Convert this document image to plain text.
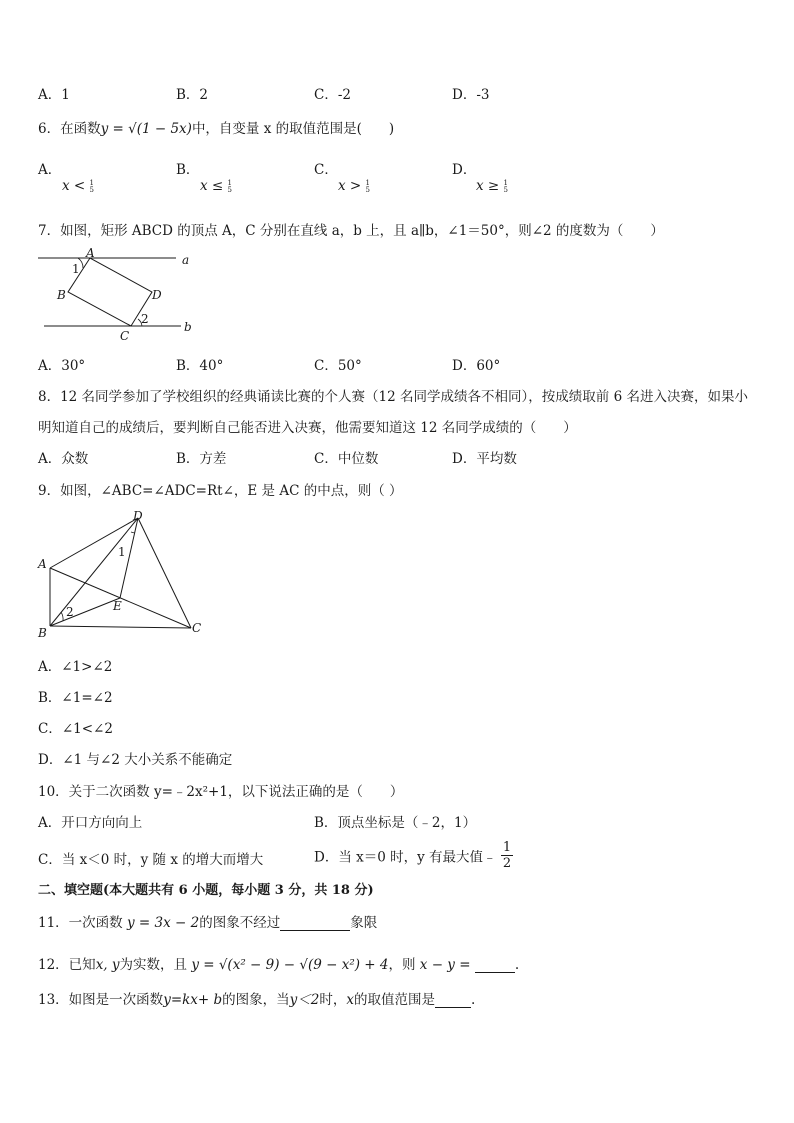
A．1	B．2	C．-2	D．-3
6．在函数y = √(1 − 5x)中，自变量 x 的取值范围是(　　)
A．
x < 1
5
B．
x ≤ 1
5
C．
x > 1
5
D．
x ≥ 1
5
7．如图，矩形 ABCD 的顶点 A，C 分别在直线 a，b 上，且 a∥b，∠1＝50°，则∠2 的度数为（　　）
A
B
C
D
a
b
1
2
A．30°	B．40°	C．50°	D．60°
8．12 名同学参加了学校组织的经典诵读比赛的个人赛（12 名同学成绩各不相同），按成绩取前 6 名进入决赛，如果小
明知道自己的成绩后，要判断自己能否进入决赛，他需要知道这 12 名同学成绩的（　　）
A．众数	B．方差	C．中位数	D．平均数
9．如图，∠ABC=∠ADC=Rt∠，E 是 AC 的中点，则（ ）
A
B	C
D
E
1
2
A．∠1>∠2
B．∠1=∠2
C．∠1<∠2
D．∠1 与∠2 大小关系不能确定
10．关于二次函数 y=﹣2x²+1，以下说法正确的是（　　）
A．开口方向向上	B．顶点坐标是（﹣2，1）
C．当 x＜0 时，y 随 x 的增大而增大	D．当 x＝0 时，y 有最大值﹣ $\frac{1}{2}$
二、填空题(本大题共有 6 小题，每小题 3 分，共 18 分)
11．一次函数 y = 3x − 2的图象不经过	象限
12．已知x, y为实数，且 y = √(x² − 9) − √(9 − x²) + 4，则 x − y =	.
13．如图是一次函数y=kx+ b的图象，当y＜2时，x的取值范围是	.
